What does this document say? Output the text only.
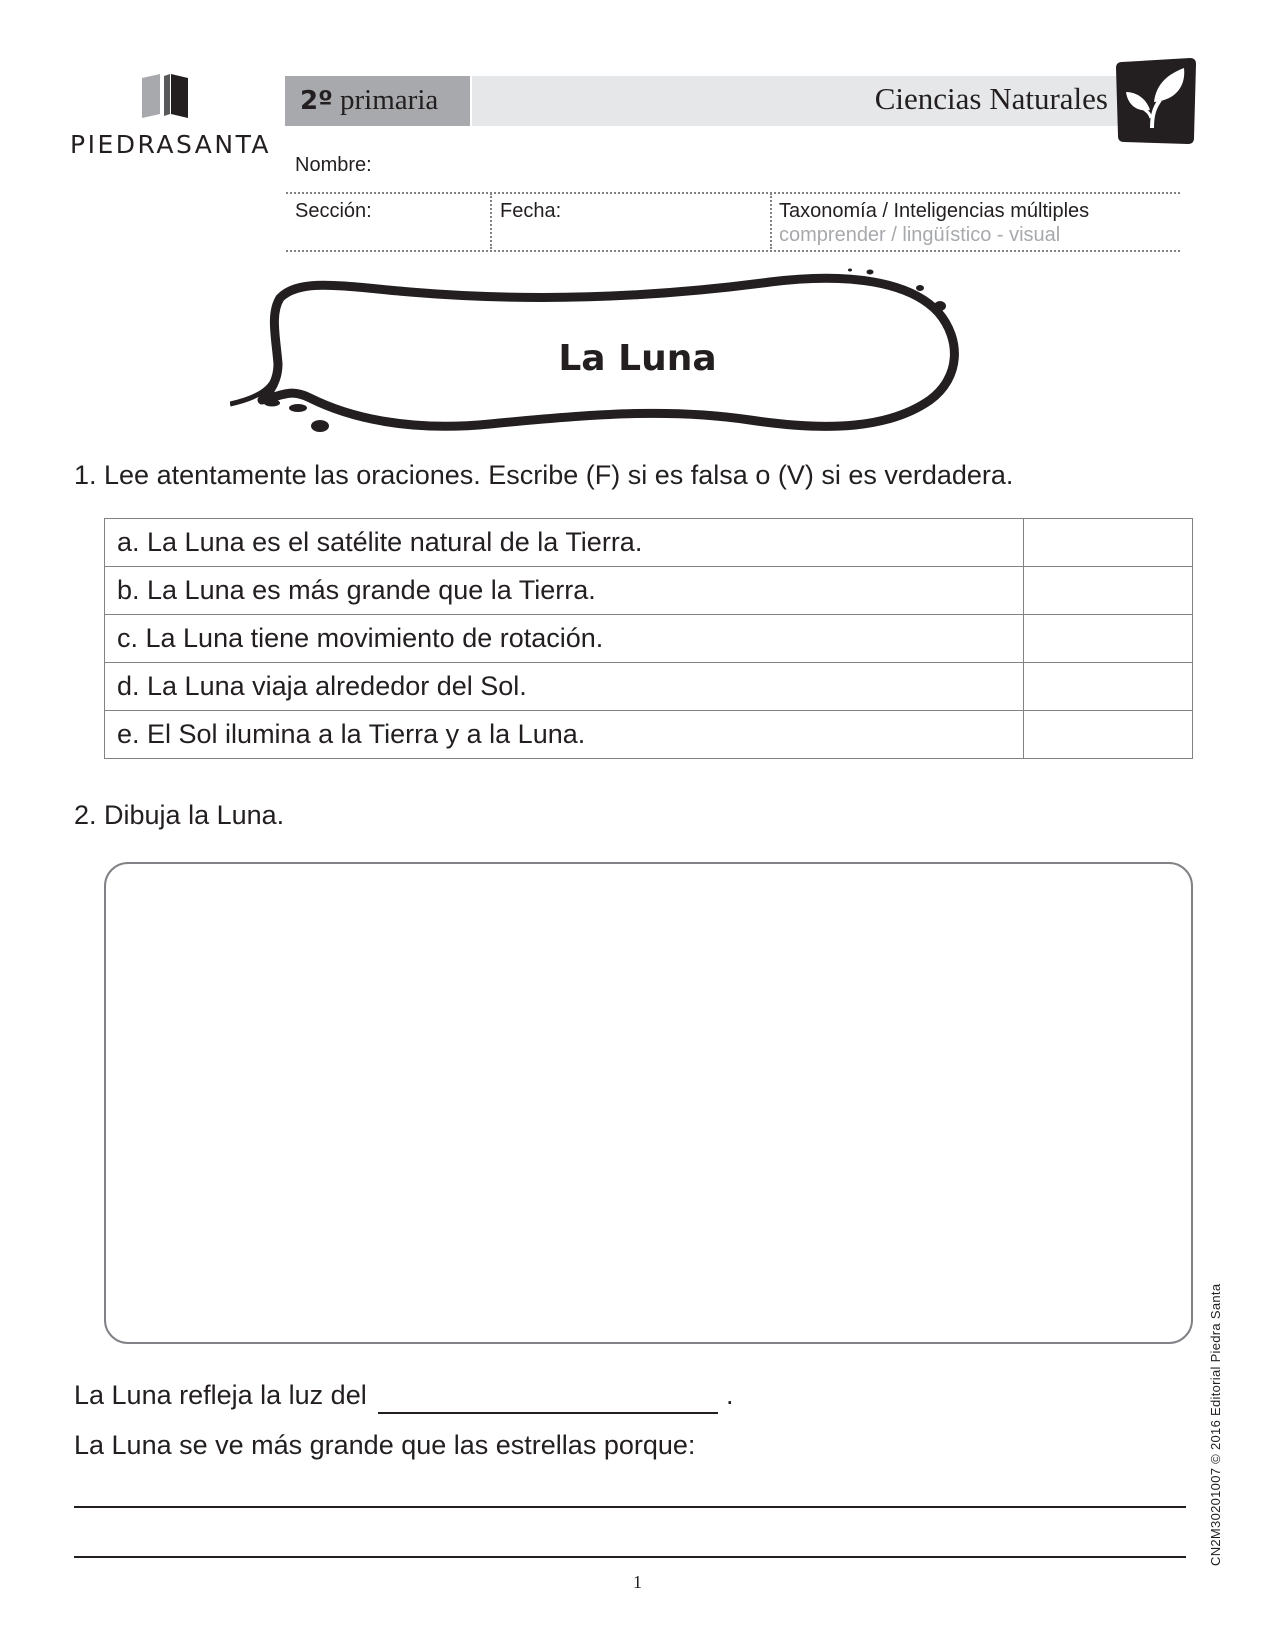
PIEDRASANTA
2º primaria	Ciencias Naturales
Nombre:
Sección:	Fecha:	Taxonomía / Inteligencias múltiples
comprender / lingüístico - visual
La Luna
1. Lee atentamente las oraciones. Escribe (F) si es falsa o (V) si es verdadera.
a. La Luna es el satélite natural de la Tierra.	
b. La Luna es más grande que la Tierra.	
c. La Luna tiene movimiento de rotación.	
d. La Luna viaja alrededor del Sol.	
e. El Sol ilumina a la Tierra y a la Luna.	
2. Dibuja la Luna.
La Luna refleja la luz del	.
La Luna se ve más grande que las estrellas porque:
1
CN2M30201007 © 2016 Editorial Piedra Santa
